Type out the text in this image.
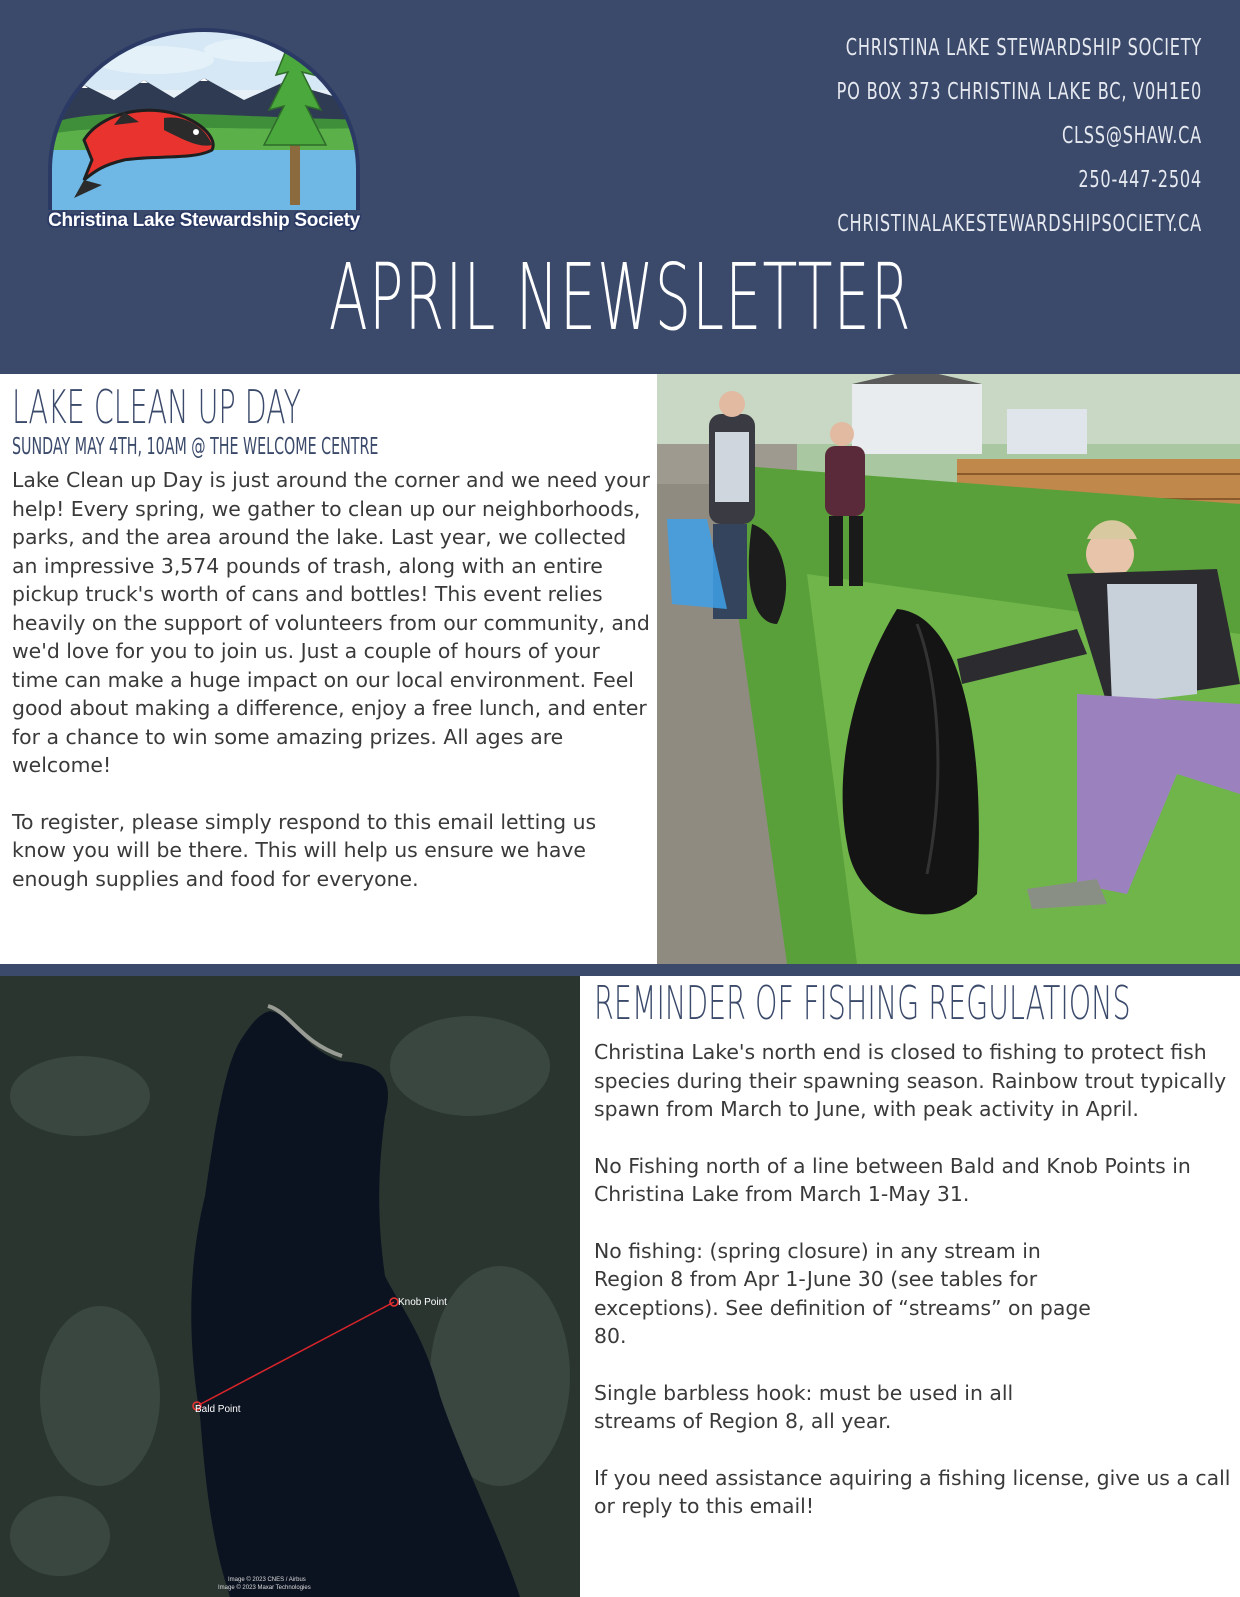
Christina Lake Stewardship Society
CHRISTINA LAKE STEWARDSHIP SOCIETY
PO BOX 373 CHRISTINA LAKE BC, V0H1E0
CLSS@SHAW.CA
250-447-2504
CHRISTINALAKESTEWARDSHIPSOCIETY.CA
APRIL NEWSLETTER
LAKE CLEAN UP DAY
SUNDAY MAY 4TH, 10AM @ THE WELCOME CENTRE

Lake Clean up Day is just around the corner and we need your help! Every spring, we gather to clean up our neighborhoods, parks, and the area around the lake. Last year, we collected an impressive 3,574 pounds of trash, along with an entire pickup truck's worth of cans and bottles! This event relies heavily on the support of volunteers from our community, and we'd love for you to join us. Just a couple of hours of your time can make a huge impact on our local environment. Feel good about making a difference, enjoy a free lunch, and enter for a chance to win some amazing prizes. All ages are welcome!

To register, please simply respond to this email letting us know you will be there. This will help us ensure we have enough supplies and food for everyone.

Knob Point
Bald Point
Image © 2023 CNES / Airbus
Image © 2023 Maxar Technologies
REMINDER OF FISHING REGULATIONS

Christina Lake's north end is closed to fishing to protect fish species during their spawning season. Rainbow trout typically spawn from March to June, with peak activity in April.

No Fishing north of a line between Bald and Knob Points in Christina Lake from March 1-May 31.

No fishing: (spring closure) in any stream in Region 8 from Apr 1-June 30 (see tables for exceptions). See definition of “streams” on page 80.

Single barbless hook: must be used in all streams of Region 8, all year.

If you need assistance aquiring a fishing license, give us a call or reply to this email!
